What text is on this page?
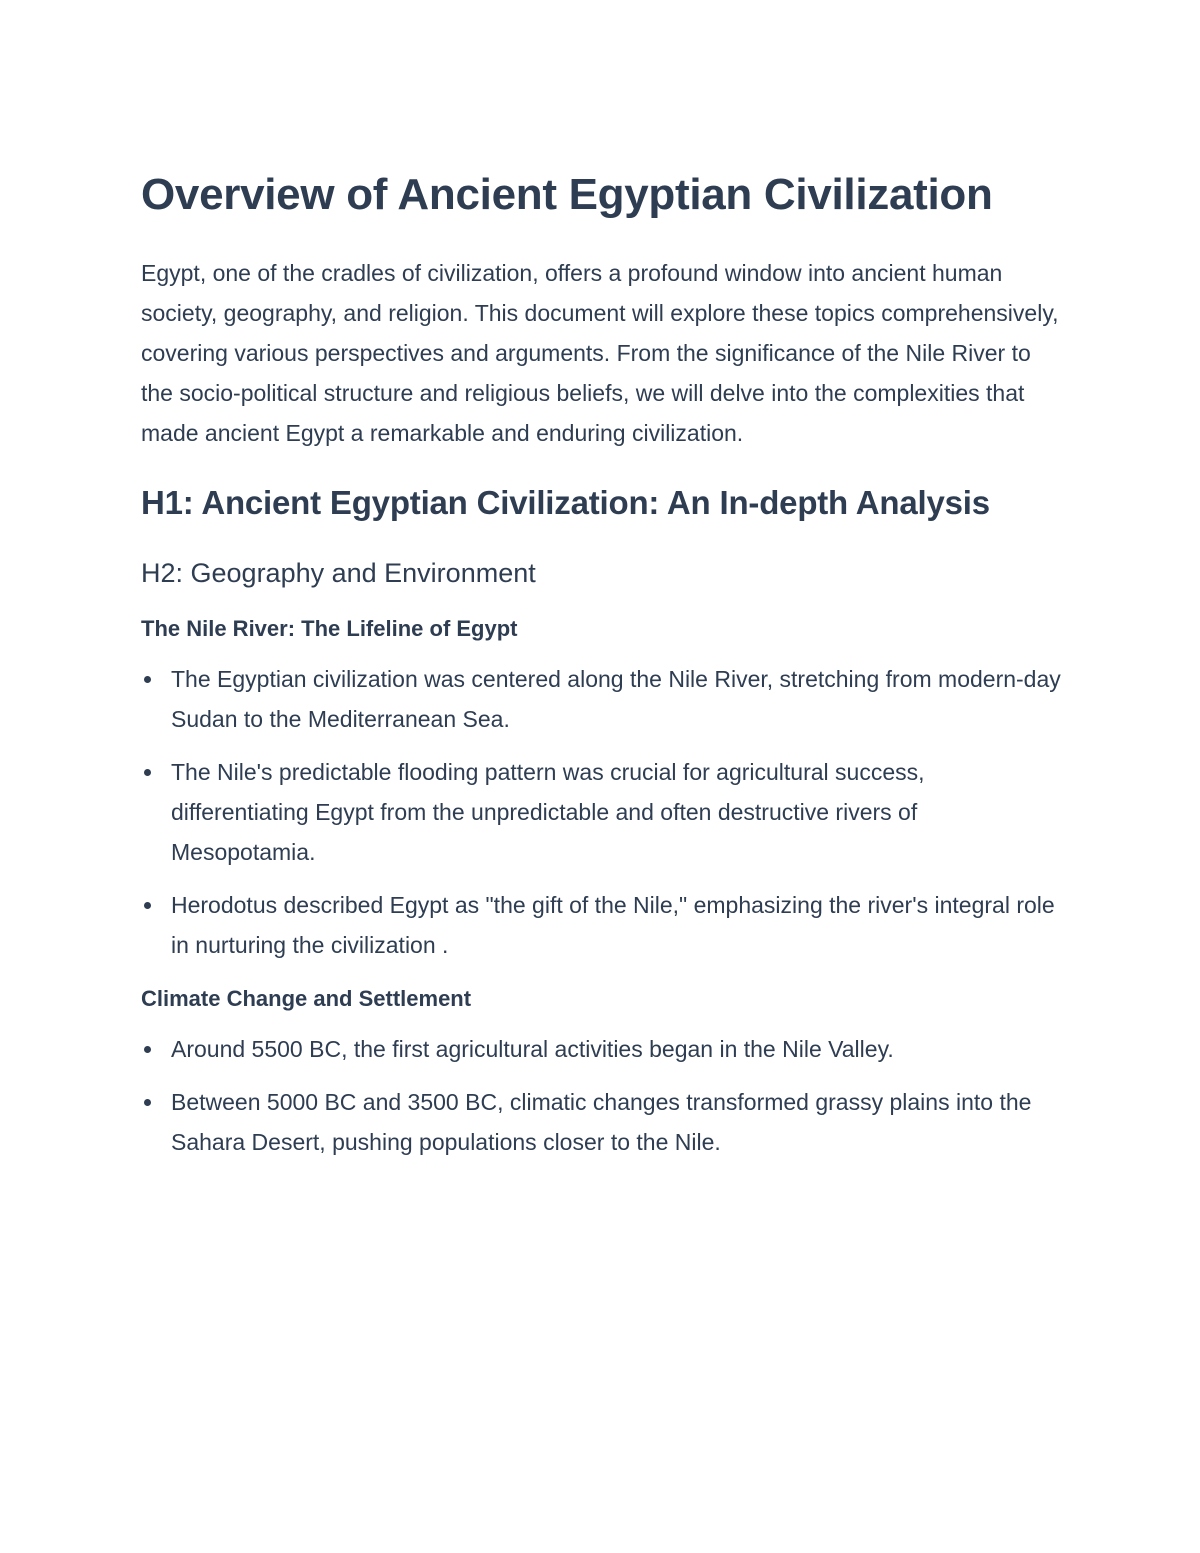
Overview of Ancient Egyptian Civilization

Egypt, one of the cradles of civilization, offers a profound window into ancient human society, geography, and religion. This document will explore these topics comprehensively, covering various perspectives and arguments. From the significance of the Nile River to the socio-political structure and religious beliefs, we will delve into the complexities that made ancient Egypt a remarkable and enduring civilization.

H1: Ancient Egyptian Civilization: An In-depth Analysis
H2: Geography and Environment
The Nile River: The Lifeline of Egypt
The Egyptian civilization was centered along the Nile River, stretching from modern-day Sudan to the Mediterranean Sea.
The Nile's predictable flooding pattern was crucial for agricultural success, differentiating Egypt from the unpredictable and often destructive rivers of Mesopotamia.
Herodotus described Egypt as "the gift of the Nile," emphasizing the river's integral role in nurturing the civilization .
Climate Change and Settlement
Around 5500 BC, the first agricultural activities began in the Nile Valley.
Between 5000 BC and 3500 BC, climatic changes transformed grassy plains into the Sahara Desert, pushing populations closer to the Nile.
